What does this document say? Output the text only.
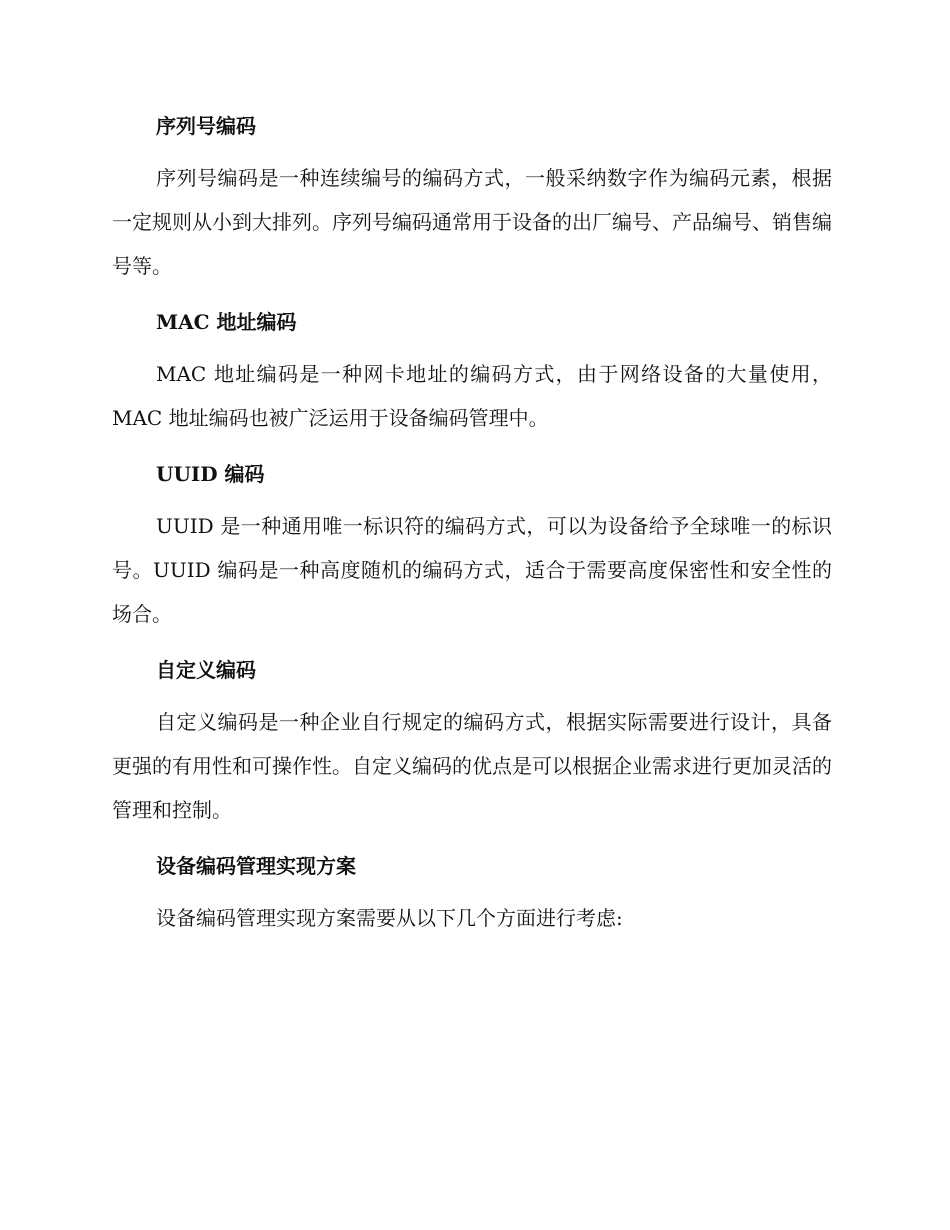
序列号编码

序列号编码是一种连续编号的编码方式，一般采纳数字作为编码元素，根据一定规则从小到大排列。序列号编码通常用于设备的出厂编号、产品编号、销售编号等。

MAC 地址编码

MAC 地址编码是一种网卡地址的编码方式，由于网络设备的大量使用，MAC 地址编码也被广泛运用于设备编码管理中。

UUID 编码

UUID 是一种通用唯一标识符的编码方式，可以为设备给予全球唯一的标识号。UUID 编码是一种高度随机的编码方式，适合于需要高度保密性和安全性的场合。

自定义编码

自定义编码是一种企业自行规定的编码方式，根据实际需要进行设计，具备更强的有用性和可操作性。自定义编码的优点是可以根据企业需求进行更加灵活的管理和控制。

设备编码管理实现方案

设备编码管理实现方案需要从以下几个方面进行考虑:
